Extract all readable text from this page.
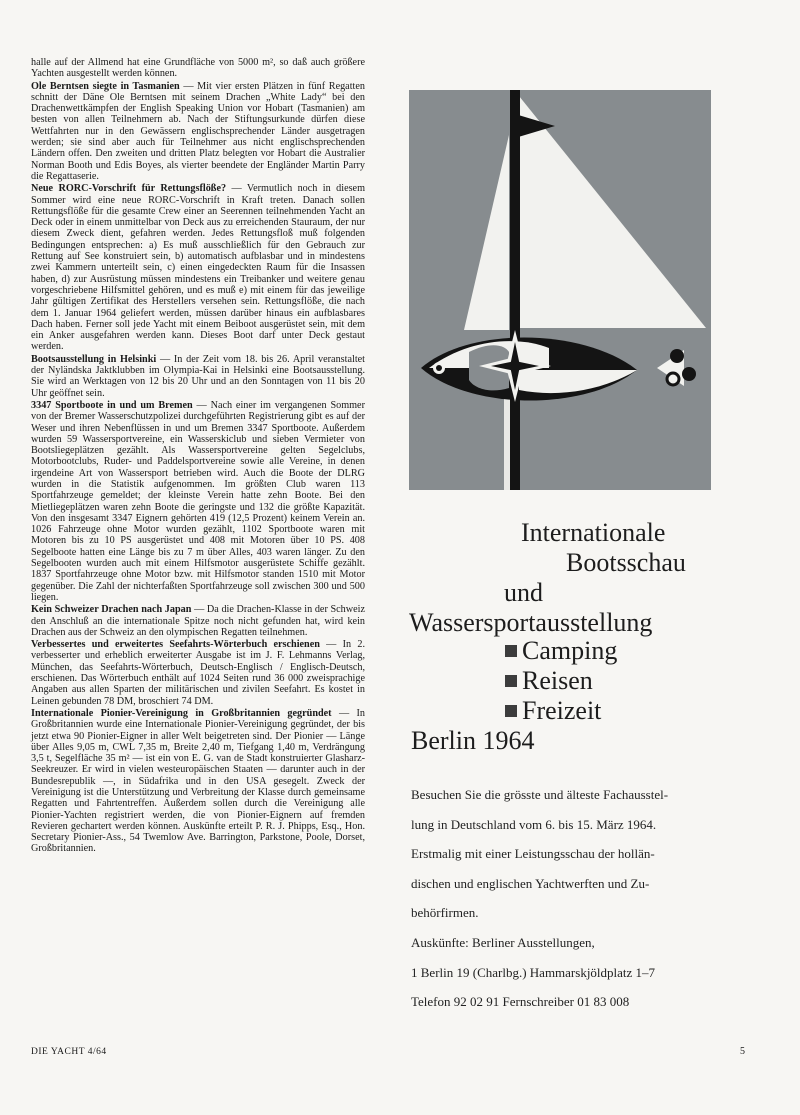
halle auf der Allmend hat eine Grundfläche von 5000 m², so daß auch größere Yachten ausgestellt werden können.

Ole Berntsen siegte in Tasmanien — Mit vier ersten Plätzen in fünf Regatten schnitt der Däne Ole Berntsen mit seinem Drachen „White Lady“ bei den Drachenwettkämpfen der English Speaking Union vor Hobart (Tasmanien) am besten von allen Teilnehmern ab. Nach der Stiftungsurkunde dürfen diese Wettfahrten nur in den Gewässern englischsprechender Länder ausgetragen werden; sie sind aber auch für Teilnehmer aus nicht englischsprechenden Ländern offen. Den zweiten und dritten Platz belegten vor Hobart die Australier Norman Booth und Edis Boyes, als vierter beendete der Engländer Martin Parry die Regattaserie.

Neue RORC-Vorschrift für Rettungsflöße? — Vermutlich noch in diesem Sommer wird eine neue RORC-Vorschrift in Kraft treten. Danach sollen Rettungsflöße für die gesamte Crew einer an Seerennen teilnehmenden Yacht an Deck oder in einem unmittelbar von Deck aus zu erreichenden Stauraum, der nur diesem Zweck dient, gefahren werden. Jedes Rettungsfloß muß folgenden Bedingungen entsprechen: a) Es muß ausschließlich für den Gebrauch zur Rettung auf See konstruiert sein, b) automatisch aufblasbar und in mindestens zwei Kammern unterteilt sein, c) einen eingedeckten Raum für die Insassen haben, d) zur Ausrüstung müssen mindestens ein Treibanker und weitere genau vorgeschriebene Hilfsmittel gehören, und es muß e) mit einem für das jeweilige Jahr gültigen Zertifikat des Herstellers versehen sein. Rettungsflöße, die nach dem 1. Januar 1964 geliefert werden, müssen darüber hinaus ein aufblasbares Dach haben. Ferner soll jede Yacht mit einem Beiboot ausgerüstet sein, mit dem ein Anker ausgefahren werden kann. Dieses Boot darf unter Deck gestaut werden.

Bootsausstellung in Helsinki — In der Zeit vom 18. bis 26. April veranstaltet der Nyländska Jaktklubben im Olympia-Kai in Helsinki eine Bootsausstellung. Sie wird an Werktagen von 12 bis 20 Uhr und an den Sonntagen von 11 bis 20 Uhr geöffnet sein.

3347 Sportboote in und um Bremen — Nach einer im vergangenen Sommer von der Bremer Wasserschutzpolizei durchgeführten Registrierung gibt es auf der Weser und ihren Nebenflüssen in und um Bremen 3347 Sportboote. Außerdem wurden 59 Wassersportvereine, ein Wasserskiclub und sieben Vermieter von Bootsliegeplätzen gezählt. Als Wassersportvereine gelten Segelclubs, Motorbootclubs, Ruder- und Paddelsportvereine sowie alle Vereine, in denen irgendeine Art von Wassersport betrieben wird. Auch die Boote der DLRG wurden in die Statistik aufgenommen. Im größten Club waren 113 Sportfahrzeuge gemeldet; der kleinste Verein hatte zehn Boote. Bei den Mietliegeplätzen waren zehn Boote die geringste und 132 die größte Kapazität. Von den insgesamt 3347 Eignern gehörten 419 (12,5 Prozent) keinem Verein an. 1026 Fahrzeuge ohne Motor wurden gezählt, 1102 Sportboote waren mit Motoren bis zu 10 PS ausgerüstet und 408 mit Motoren über 10 PS. 408 Segelboote hatten eine Länge bis zu 7 m über Alles, 403 waren länger. Zu den Segelbooten wurden auch mit einem Hilfsmotor ausgerüstete Schiffe gezählt. 1837 Sportfahrzeuge ohne Motor bzw. mit Hilfsmotor standen 1510 mit Motor gegenüber. Die Zahl der nichterfaßten Sportfahrzeuge soll zwischen 300 und 500 liegen.

Kein Schweizer Drachen nach Japan — Da die Drachen-Klasse in der Schweiz den Anschluß an die internationale Spitze noch nicht gefunden hat, wird kein Drachen aus der Schweiz an den olympischen Regatten teilnehmen.

Verbessertes und erweitertes Seefahrts-Wörterbuch erschienen — In 2. verbesserter und erheblich erweiterter Ausgabe ist im J. F. Lehmanns Verlag, München, das Seefahrts-Wörterbuch, Deutsch-Englisch / Englisch-Deutsch, erschienen. Das Wörterbuch enthält auf 1024 Seiten rund 36 000 zweisprachige Angaben aus allen Sparten der militärischen und zivilen Seefahrt. Es kostet in Leinen gebunden 78 DM, broschiert 74 DM.

Internationale Pionier-Vereinigung in Großbritannien gegründet — In Großbritannien wurde eine Internationale Pionier-Vereinigung gegründet, der bis jetzt etwa 90 Pionier-Eigner in aller Welt beigetreten sind. Der Pionier — Länge über Alles 9,05 m, CWL 7,35 m, Breite 2,40 m, Tiefgang 1,40 m, Verdrängung 3,5 t, Segelfläche 35 m² — ist ein von E. G. van de Stadt konstruierter Glasharz-Seekreuzer. Er wird in vielen westeuropäischen Staaten — darunter auch in der Bundesrepublik —, in Südafrika und in den USA gesegelt. Zweck der Vereinigung ist die Unterstützung und Verbreitung der Klasse durch gemeinsame Regatten und Fahrtentreffen. Außerdem sollen durch die Vereinigung alle Pionier-Yachten registriert werden, die von Pionier-Eignern auf fremden Revieren gechartert werden können. Auskünfte erteilt P. R. J. Phipps, Esq., Hon. Secretary Pionier-Ass., 54 Twemlow Ave. Barrington, Parkstone, Poole, Dorset, Großbritannien.

DIE YACHT 4/64	5
Internationale
Bootsschau
und
Wassersportausstellung
Camping
Reisen
Freizeit
Berlin 1964
Besuchen Sie die grösste und älteste Fachausstel-
lung in Deutschland vom 6. bis 15. März 1964.
Erstmalig mit einer Leistungsschau der hollän-
dischen und englischen Yachtwerften und Zu-
behörfirmen.
Auskünfte: Berliner Ausstellungen,
1 Berlin 19 (Charlbg.) Hammarskjöldplatz 1–7
Telefon 92 02 91 Fernschreiber 01 83 008
